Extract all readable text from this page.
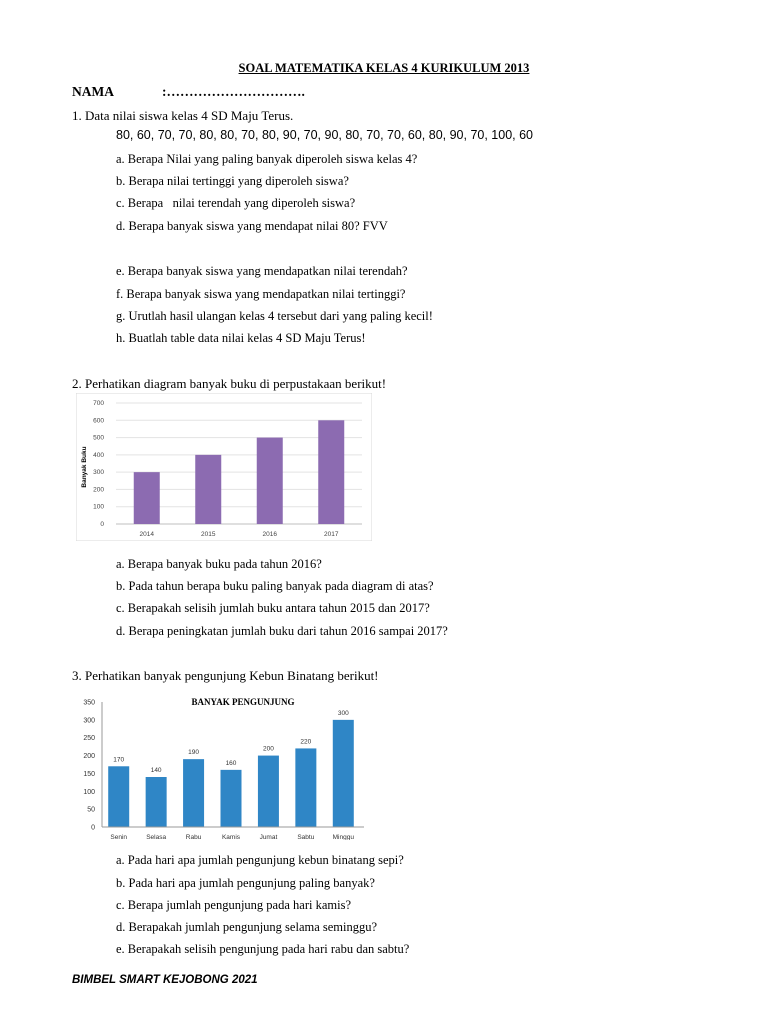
SOAL MATEMATIKA KELAS 4 KURIKULUM 2013
NAMA	:………………………….
1. Data nilai siswa kelas 4 SD Maju Terus.
80, 60, 70, 70, 80, 80, 70, 80, 90, 70, 90, 80, 70, 70, 60, 80, 90, 70, 100, 60
a. Berapa Nilai yang paling banyak diperoleh siswa kelas 4?
b. Berapa nilai tertinggi yang diperoleh siswa?
c. Berapa   nilai terendah yang diperoleh siswa?
d. Berapa banyak siswa yang mendapat nilai 80? FVV
e. Berapa banyak siswa yang mendapatkan nilai terendah?
f. Berapa banyak siswa yang mendapatkan nilai tertinggi?
g. Urutlah hasil ulangan kelas 4 tersebut dari yang paling kecil!
h. Buatlah table data nilai kelas 4 SD Maju Terus!
2. Perhatikan diagram banyak buku di perpustakaan berikut!
0
100
200
300
400
500
600
700
2014	2015	2016	2017
Banyak Buku
a. Berapa banyak buku pada tahun 2016?
b. Pada tahun berapa buku paling banyak pada diagram di atas?
c. Berapakah selisih jumlah buku antara tahun 2015 dan 2017?
d. Berapa peningkatan jumlah buku dari tahun 2016 sampai 2017?
3. Perhatikan banyak pengunjung Kebun Binatang berikut!
BANYAK PENGUNJUNG
170
140
190
160
200
220
300
0
50
100
150
200
250
300
350
Senin	Selasa	Rabu	Kamis	Jumat	Sabtu	Minggu
a. Pada hari apa jumlah pengunjung kebun binatang sepi?
b. Pada hari apa jumlah pengunjung paling banyak?
c. Berapa jumlah pengunjung pada hari kamis?
d. Berapakah jumlah pengunjung selama seminggu?
e. Berapakah selisih pengunjung pada hari rabu dan sabtu?
BIMBEL SMART KEJOBONG 2021
